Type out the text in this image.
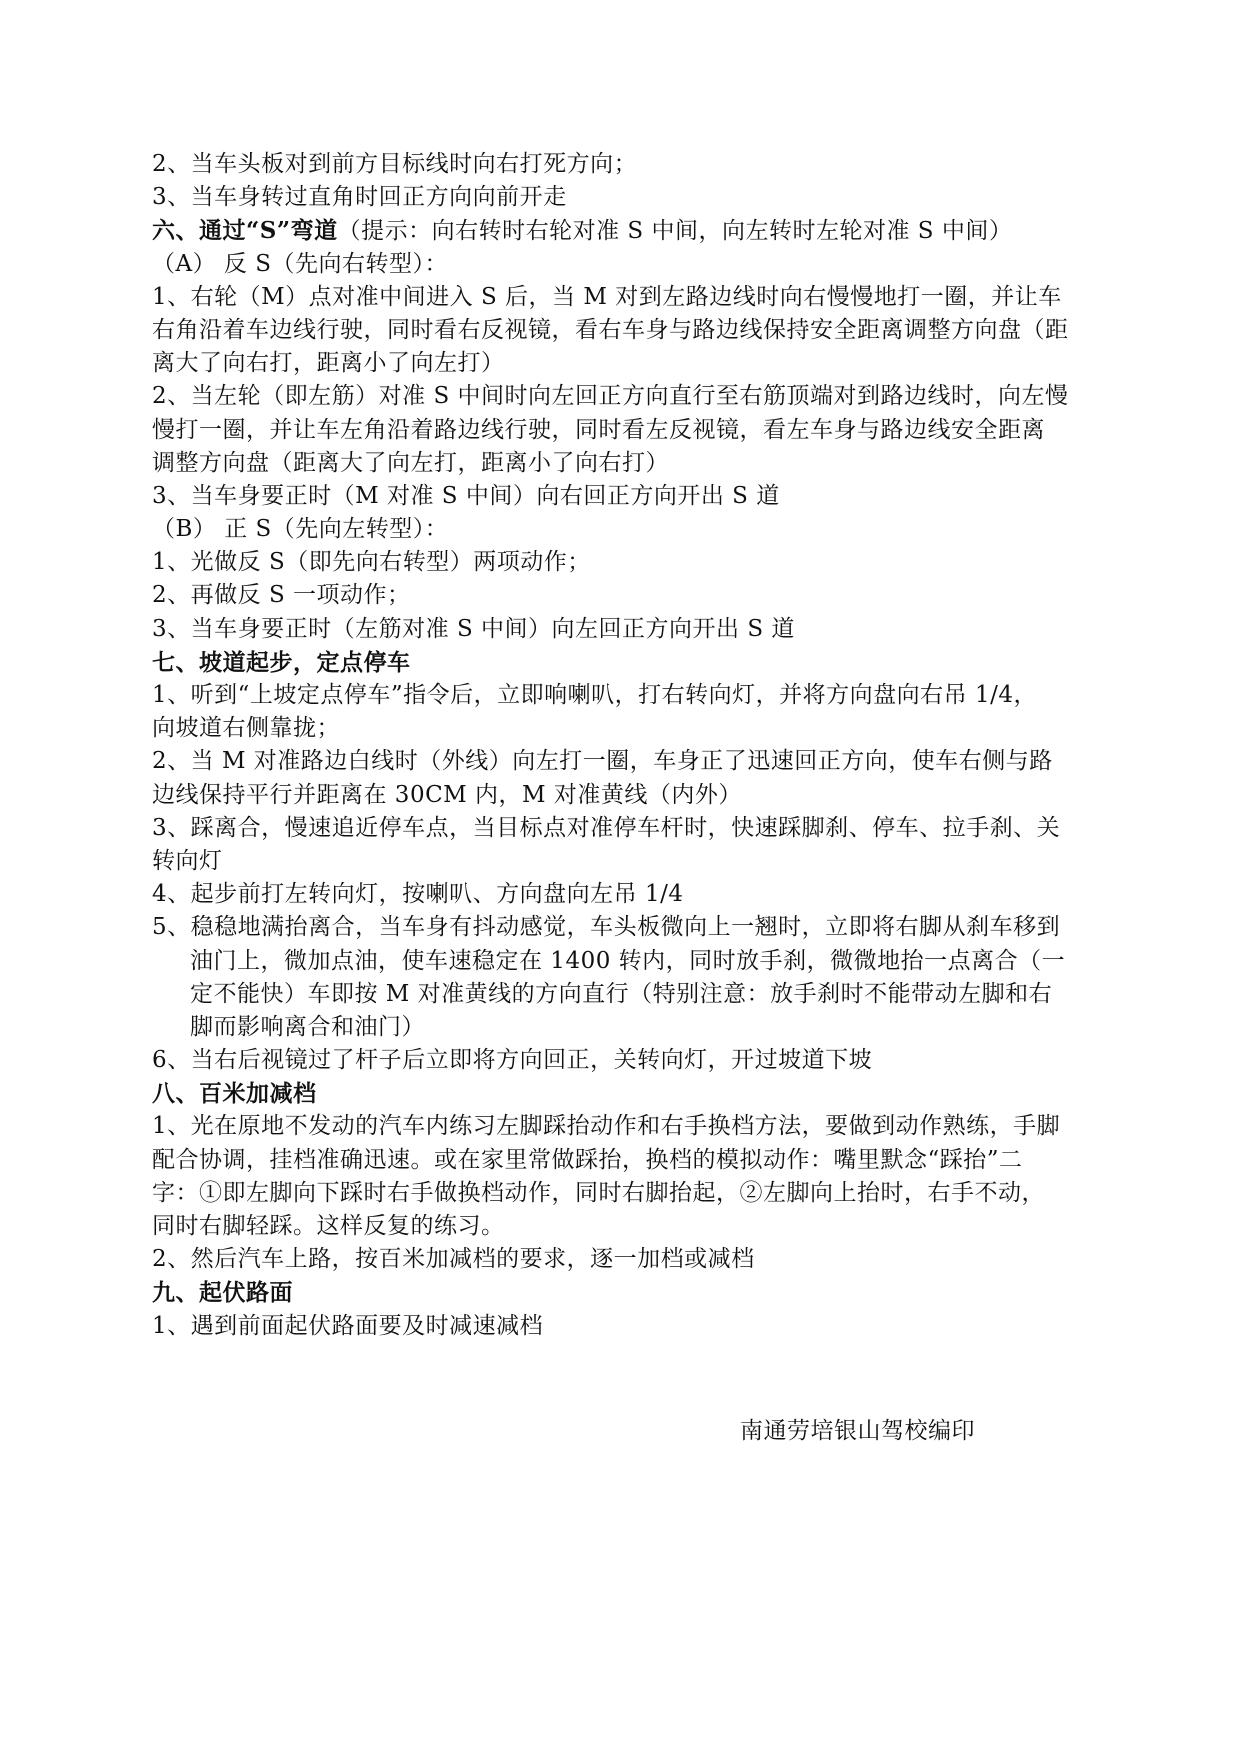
2、当车头板对到前方目标线时向右打死方向；
3、当车身转过直角时回正方向向前开走
六、通过“S”弯道（提示：向右转时右轮对准 S 中间，向左转时左轮对准 S 中间）
（A） 反 S（先向右转型）：
1、右轮（M）点对准中间进入 S 后，当 M 对到左路边线时向右慢慢地打一圈，并让车
右角沿着车边线行驶，同时看右反视镜，看右车身与路边线保持安全距离调整方向盘（距
离大了向右打，距离小了向左打）
2、当左轮（即左筋）对准 S 中间时向左回正方向直行至右筋顶端对到路边线时，向左慢
慢打一圈，并让车左角沿着路边线行驶，同时看左反视镜，看左车身与路边线安全距离
调整方向盘（距离大了向左打，距离小了向右打）
3、当车身要正时（M 对准 S 中间）向右回正方向开出 S 道
（B） 正 S（先向左转型）：
1、光做反 S（即先向右转型）两项动作；
2、再做反 S 一项动作；
3、当车身要正时（左筋对准 S 中间）向左回正方向开出 S 道
七、坡道起步，定点停车
1、听到“上坡定点停车”指令后，立即响喇叭，打右转向灯，并将方向盘向右吊 1/4，
向坡道右侧靠拢；
2、当 M 对准路边白线时（外线）向左打一圈，车身正了迅速回正方向，使车右侧与路
边线保持平行并距离在 30CM 内，M 对准黄线（内外）
3、踩离合，慢速追近停车点，当目标点对准停车杆时，快速踩脚刹、停车、拉手刹、关
转向灯
4、起步前打左转向灯，按喇叭、方向盘向左吊 1/4
5、稳稳地满抬离合，当车身有抖动感觉，车头板微向上一翘时，立即将右脚从刹车移到
油门上，微加点油，使车速稳定在 1400 转内，同时放手刹，微微地抬一点离合（一
定不能快）车即按 M 对准黄线的方向直行（特别注意：放手刹时不能带动左脚和右
脚而影响离合和油门）
6、当右后视镜过了杆子后立即将方向回正，关转向灯，开过坡道下坡
八、百米加减档
1、光在原地不发动的汽车内练习左脚踩抬动作和右手换档方法，要做到动作熟练，手脚
配合协调，挂档准确迅速。或在家里常做踩抬，换档的模拟动作：嘴里默念“踩抬”二
字：①即左脚向下踩时右手做换档动作，同时右脚抬起，②左脚向上抬时，右手不动，
同时右脚轻踩。这样反复的练习。
2、然后汽车上路，按百米加减档的要求，逐一加档或减档
九、起伏路面
1、遇到前面起伏路面要及时减速减档
南通劳培银山驾校编印
